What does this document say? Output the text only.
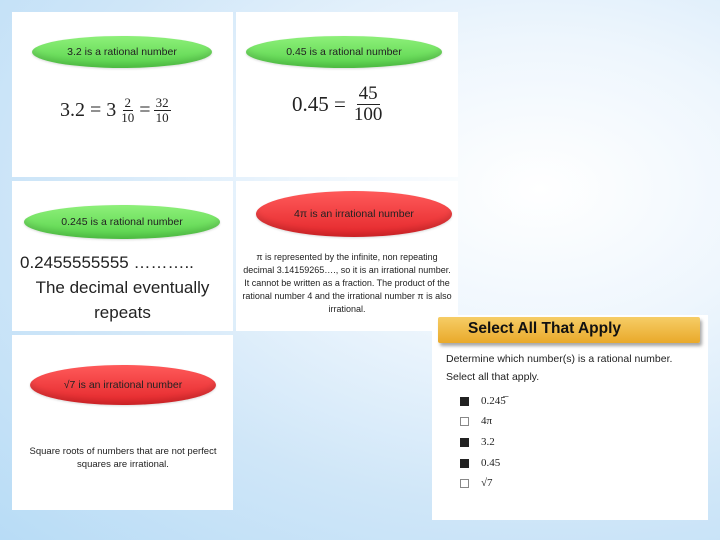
3.2 is a rational number
$3.2 = 3 \frac{2}{10} = \frac{32}{10}$
0.45 is a rational number
$0.45 = \frac{45}{100}$
0.245 is a rational number
0.2455555555 ………..
The decimal eventually
repeats
4π is an irrational number
π is represented by the infinite, non repeating decimal 3.14159265…., so it is an irrational number. It cannot be written as a fraction. The product of the rational number 4 and the irrational number π is also irrational.
√7 is an irrational number
Square roots of numbers that are not perfect squares are irrational.
Select All That Apply
Determine which number(s) is a rational number.
Select all that apply.
0.245̅
4π
3.2
0.45
√7
